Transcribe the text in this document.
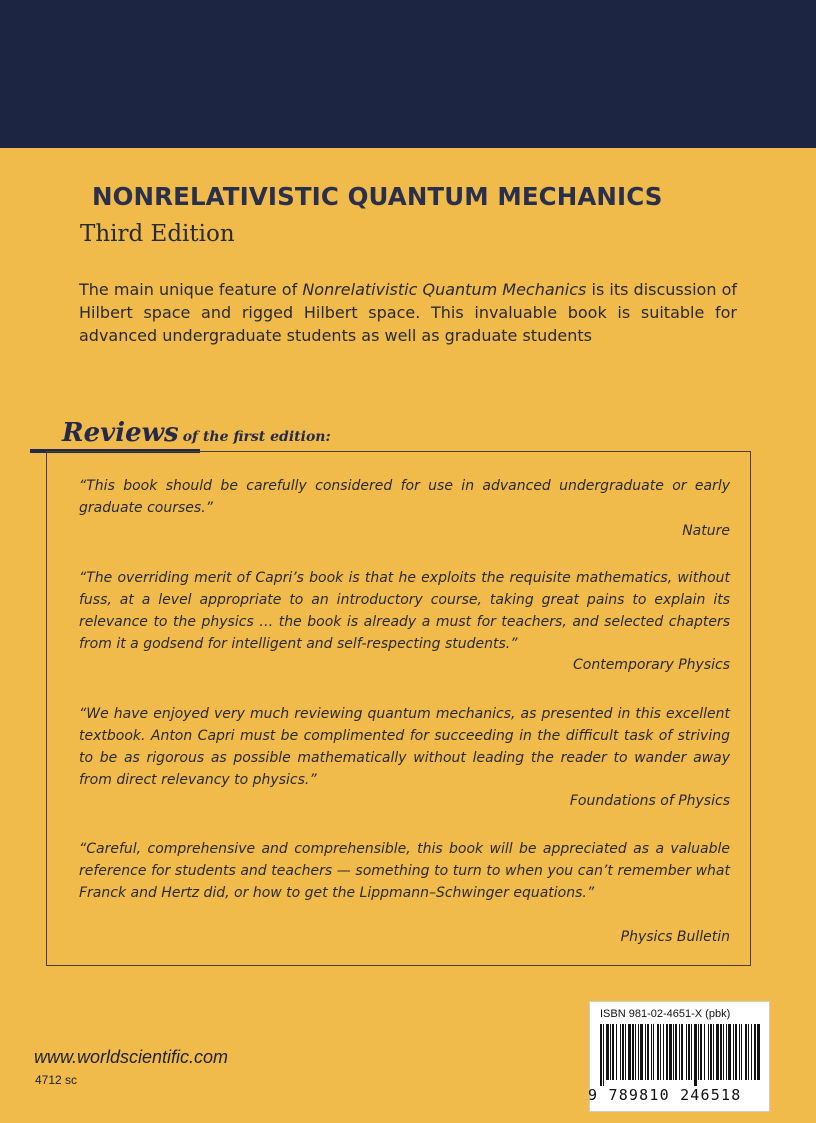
NONRELATIVISTIC QUANTUM MECHANICS
Third Edition
The main unique feature of Nonrelativistic Quantum Mechanics is its discussion of Hilbert space and rigged Hilbert space. This invaluable book is suitable for advanced undergraduate students as well as graduate students
Reviews of the first edition:
“This book should be carefully considered for use in advanced undergraduate or early graduate courses.”
Nature
“The overriding merit of Capri’s book is that he exploits the requisite mathematics, without fuss, at a level appropriate to an introductory course, taking great pains to explain its relevance to the physics … the book is already a must for teachers, and selected chapters from it a godsend for intelligent and self-respecting students.”
Contemporary Physics
“We have enjoyed very much reviewing quantum mechanics, as presented in this excellent textbook. Anton Capri must be complimented for succeeding in the difficult task of striving to be as rigorous as possible mathematically without leading the reader to wander away from direct relevancy to physics.”
Foundations of Physics
“Careful, comprehensive and comprehensible, this book will be appreciated as a valuable reference for students and teachers — something to turn to when you can’t remember what Franck and Hertz did, or how to get the Lippmann–Schwinger equations.”
Physics Bulletin
www.worldscientific.com
4712 sc
ISBN 981-02-4651-X (pbk)
9 789810 246518
